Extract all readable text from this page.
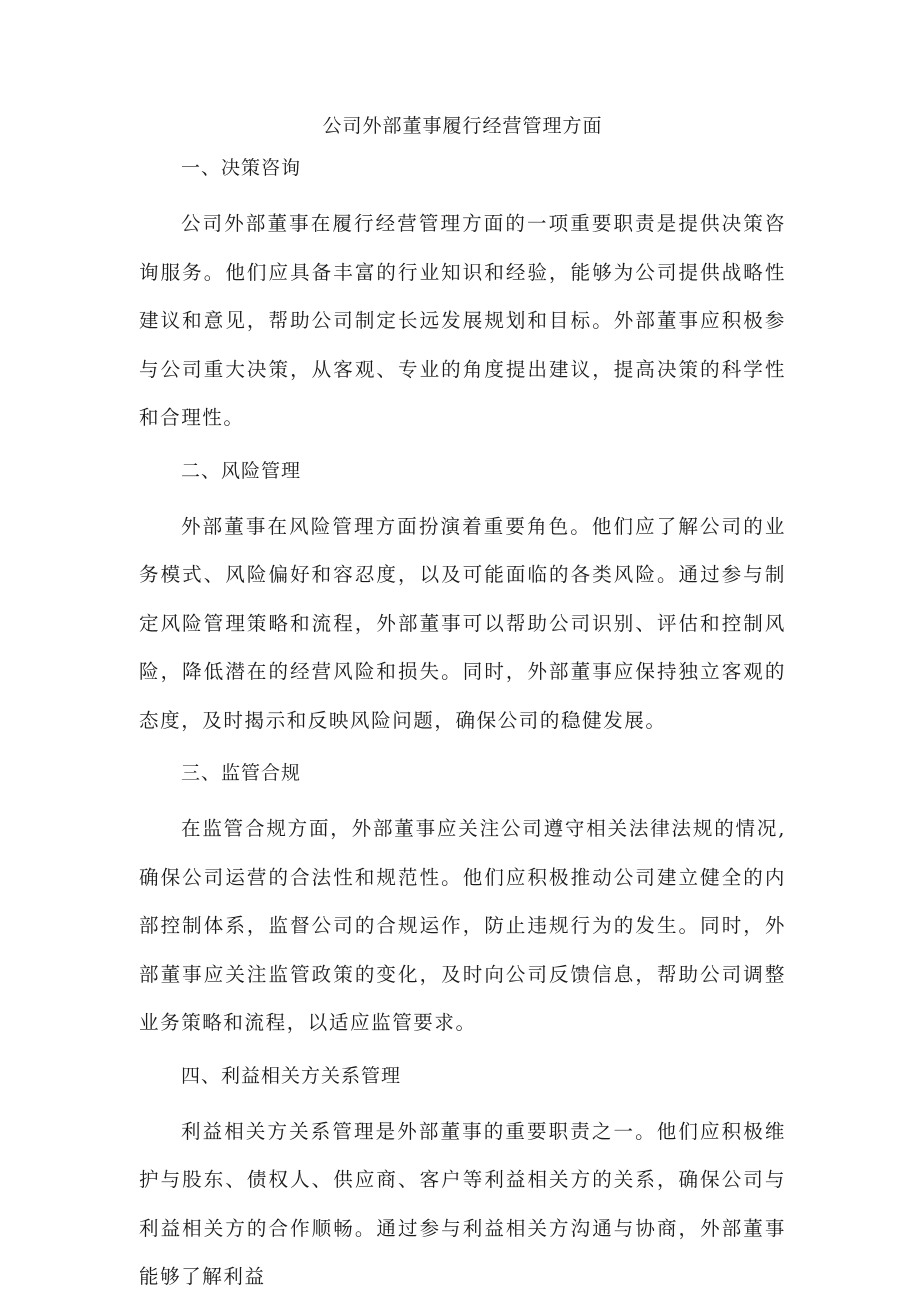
公司外部董事履行经营管理方面
一、决策咨询
公司外部董事在履行经营管理方面的一项重要职责是提供决策咨询服务。他们应具备丰富的行业知识和经验，能够为公司提供战略性建议和意见，帮助公司制定长远发展规划和目标。外部董事应积极参与公司重大决策，从客观、专业的角度提出建议，提高决策的科学性和合理性。
二、风险管理
外部董事在风险管理方面扮演着重要角色。他们应了解公司的业务模式、风险偏好和容忍度，以及可能面临的各类风险。通过参与制定风险管理策略和流程，外部董事可以帮助公司识别、评估和控制风险，降低潜在的经营风险和损失。同时，外部董事应保持独立客观的态度，及时揭示和反映风险问题，确保公司的稳健发展。
三、监管合规
在监管合规方面，外部董事应关注公司遵守相关法律法规的情况,确保公司运营的合法性和规范性。他们应积极推动公司建立健全的内部控制体系，监督公司的合规运作，防止违规行为的发生。同时，外部董事应关注监管政策的变化，及时向公司反馈信息，帮助公司调整业务策略和流程，以适应监管要求。
四、利益相关方关系管理
利益相关方关系管理是外部董事的重要职责之一。他们应积极维护与股东、债权人、供应商、客户等利益相关方的关系，确保公司与利益相关方的合作顺畅。通过参与利益相关方沟通与协商，外部董事能够了解利益
